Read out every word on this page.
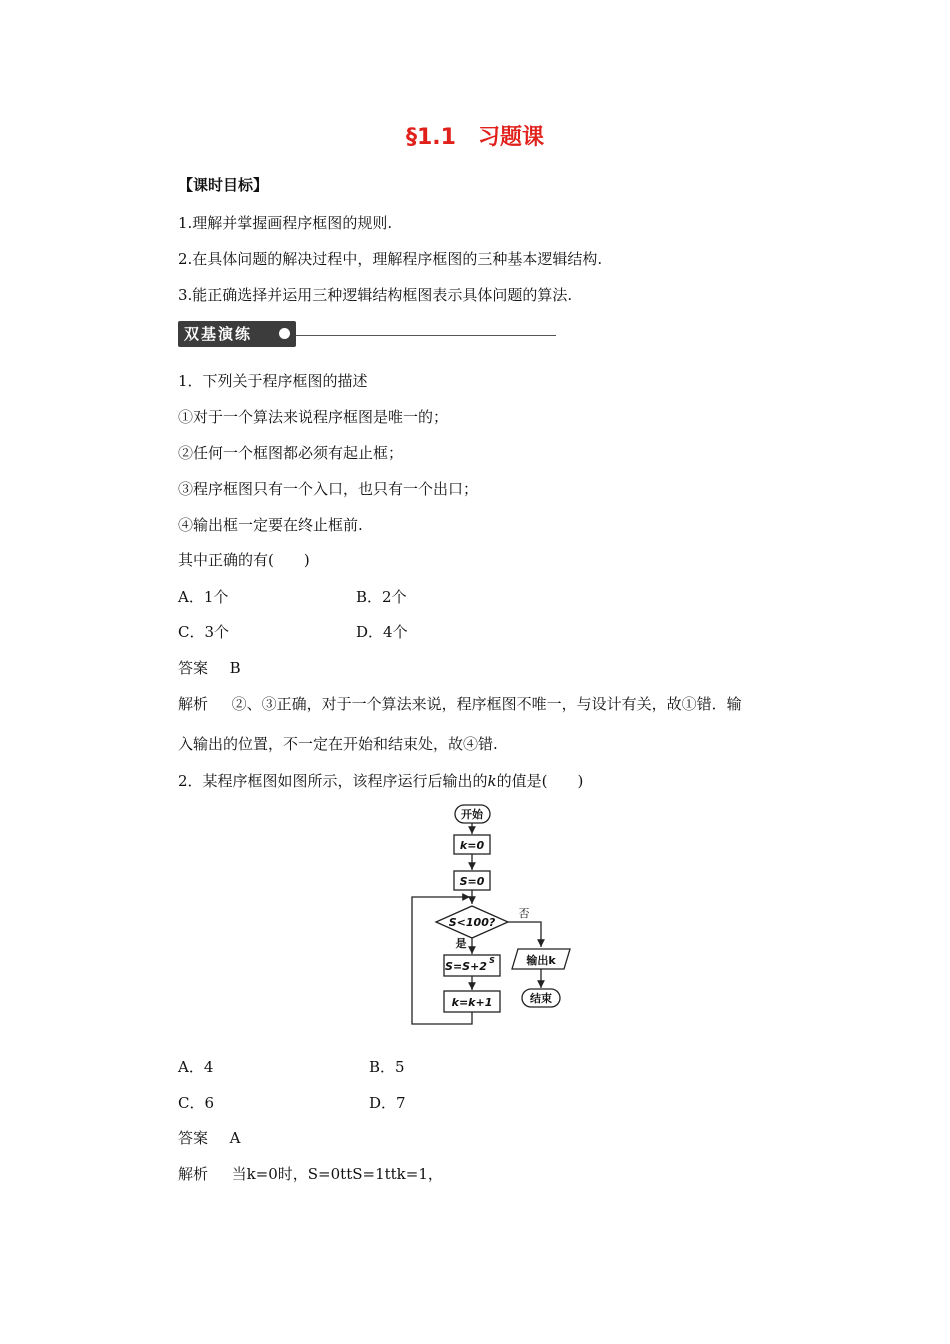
§1.1　习题课
【课时目标】
1.理解并掌握画程序框图的规则.
2.在具体问题的解决过程中，理解程序框图的三种基本逻辑结构.
3.能正确选择并运用三种逻辑结构框图表示具体问题的算法.
双基演练
1．下列关于程序框图的描述
①对于一个算法来说程序框图是唯一的；
②任何一个框图都必须有起止框；
③程序框图只有一个入口，也只有一个出口；
④输出框一定要在终止框前.
其中正确的有(　　)
A．1个	B．2个
C．3个	D．4个
答案 B
解析 ②、③正确，对于一个算法来说，程序框图不唯一，与设计有关，故①错．输
入输出的位置，不一定在开始和结束处，故④错.
2．某程序框图如图所示，该程序运行后输出的k的值是(　　)
开始
k=0
S=0
S<100?
S=S+2 S
k=k+1
输出k
结束
是
否
A．4	B．5
C．6	D．7
答案 A
解析 当k=0时，S=0ttS=1ttk=1，
